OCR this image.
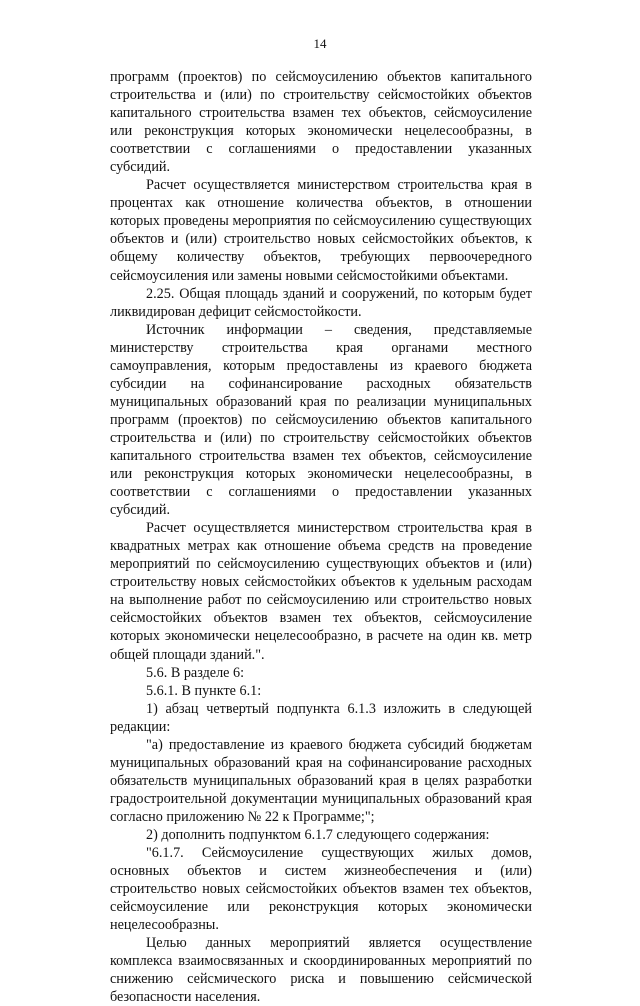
14

программ (проектов) по сейсмоусилению объектов капитального строительства и (или) по строительству сейсмостойких объектов капитального строительства взамен тех объектов, сейсмоусиление или реконструкция которых экономически нецелесообразны, в соответствии с соглашениями о предоставлении указанных субсидий.

Расчет осуществляется министерством строительства края в процентах как отношение количества объектов, в отношении которых проведены мероприятия по сейсмоусилению существующих объектов и (или) строительство новых сейсмостойких объектов, к общему количеству объектов, требующих первоочередного сейсмоусиления или замены новыми сейсмостойкими объектами.

2.25. Общая площадь зданий и сооружений, по которым будет ликвидирован дефицит сейсмостойкости.

Источник информации – сведения, представляемые министерству строительства края органами местного самоуправления, которым предоставлены из краевого бюджета субсидии на софинансирование расходных обязательств муниципальных образований края по реализации муниципальных программ (проектов) по сейсмоусилению объектов капитального строительства и (или) по строительству сейсмостойких объектов капитального строительства взамен тех объектов, сейсмоусиление или реконструкция которых экономически нецелесообразны, в соответствии с соглашениями о предоставлении указанных субсидий.

Расчет осуществляется министерством строительства края в квадратных метрах как отношение объема средств на проведение мероприятий по сейсмоусилению существующих объектов и (или) строительству новых сейсмостойких объектов к удельным расходам на выполнение работ по сейсмоусилению или строительство новых сейсмостойких объектов взамен тех объектов, сейсмоусиление которых экономически нецелесообразно, в расчете на один кв. метр общей площади зданий.".

5.6. В разделе 6:

5.6.1. В пункте 6.1:

1) абзац четвертый подпункта 6.1.3 изложить в следующей редакции:

"а) предоставление из краевого бюджета субсидий бюджетам муниципальных образований края на софинансирование расходных обязательств муниципальных образований края в целях разработки градостроительной документации муниципальных образований края согласно приложению № 22 к Программе;";

2) дополнить подпунктом 6.1.7 следующего содержания:

"6.1.7. Сейсмоусиление существующих жилых домов, основных объектов и систем жизнеобеспечения и (или) строительство новых сейсмостойких объектов взамен тех объектов, сейсмоусиление или реконструкция которых экономически нецелесообразны.

Целью данных мероприятий является осуществление комплекса взаимосвязанных и скоординированных мероприятий по снижению сейсмического риска и повышению сейсмической безопасности населения.
